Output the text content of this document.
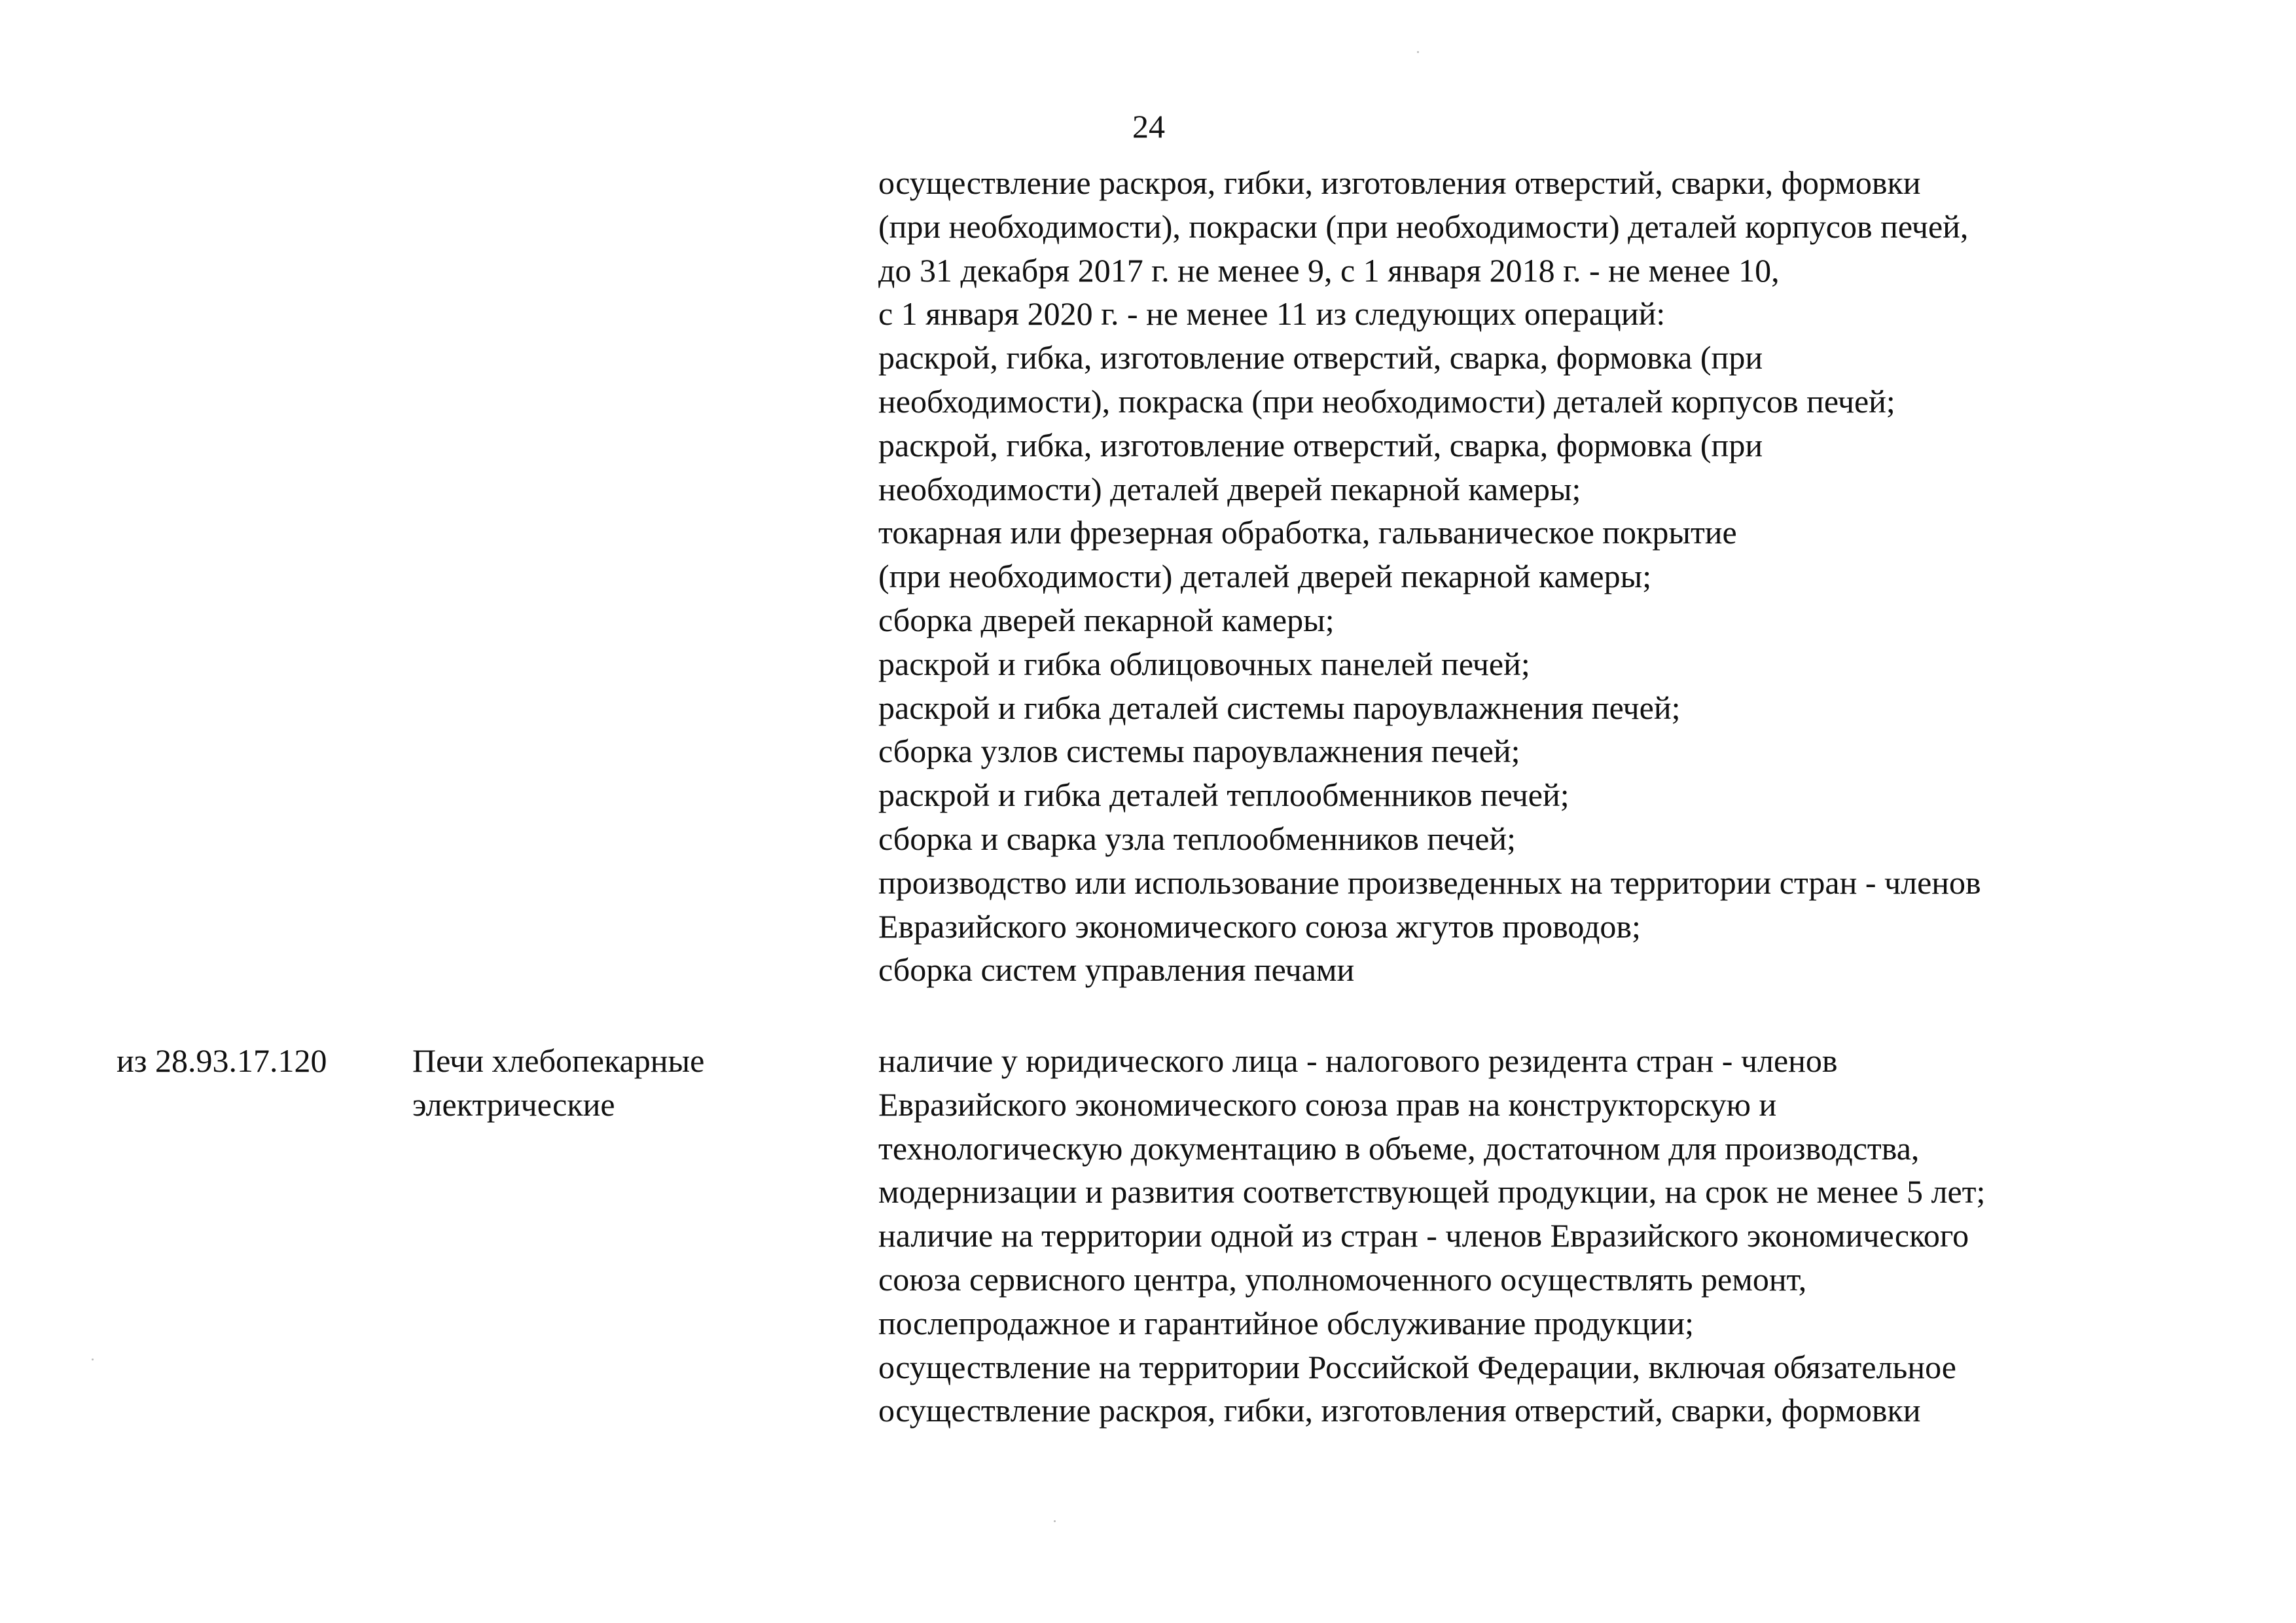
24
осуществление раскроя, гибки, изготовления отверстий, сварки, формовки
(при необходимости), покраски (при необходимости) деталей корпусов печей,
до 31 декабря 2017 г. не менее 9, с 1 января 2018 г. - не менее 10,
с 1 января 2020 г. - не менее 11 из следующих операций:
раскрой, гибка, изготовление отверстий, сварка, формовка (при
необходимости), покраска (при необходимости) деталей корпусов печей;
раскрой, гибка, изготовление отверстий, сварка, формовка (при
необходимости) деталей дверей пекарной камеры;
токарная или фрезерная обработка, гальваническое покрытие
(при необходимости) деталей дверей пекарной камеры;
сборка дверей пекарной камеры;
раскрой и гибка облицовочных панелей печей;
раскрой и гибка деталей системы пароувлажнения печей;
сборка узлов системы пароувлажнения печей;
раскрой и гибка деталей теплообменников печей;
сборка и сварка узла теплообменников печей;
производство или использование произведенных на территории стран - членов
Евразийского экономического союза жгутов проводов;
сборка систем управления печами
из 28.93.17.120	Печи хлебопекарные
электрические
наличие у юридического лица - налогового резидента стран - членов
Евразийского экономического союза прав на конструкторскую и
технологическую документацию в объеме, достаточном для производства,
модернизации и развития соответствующей продукции, на срок не менее 5 лет;
наличие на территории одной из стран - членов Евразийского экономического
союза сервисного центра, уполномоченного осуществлять ремонт,
послепродажное и гарантийное обслуживание продукции;
осуществление на территории Российской Федерации, включая обязательное
осуществление раскроя, гибки, изготовления отверстий, сварки, формовки
